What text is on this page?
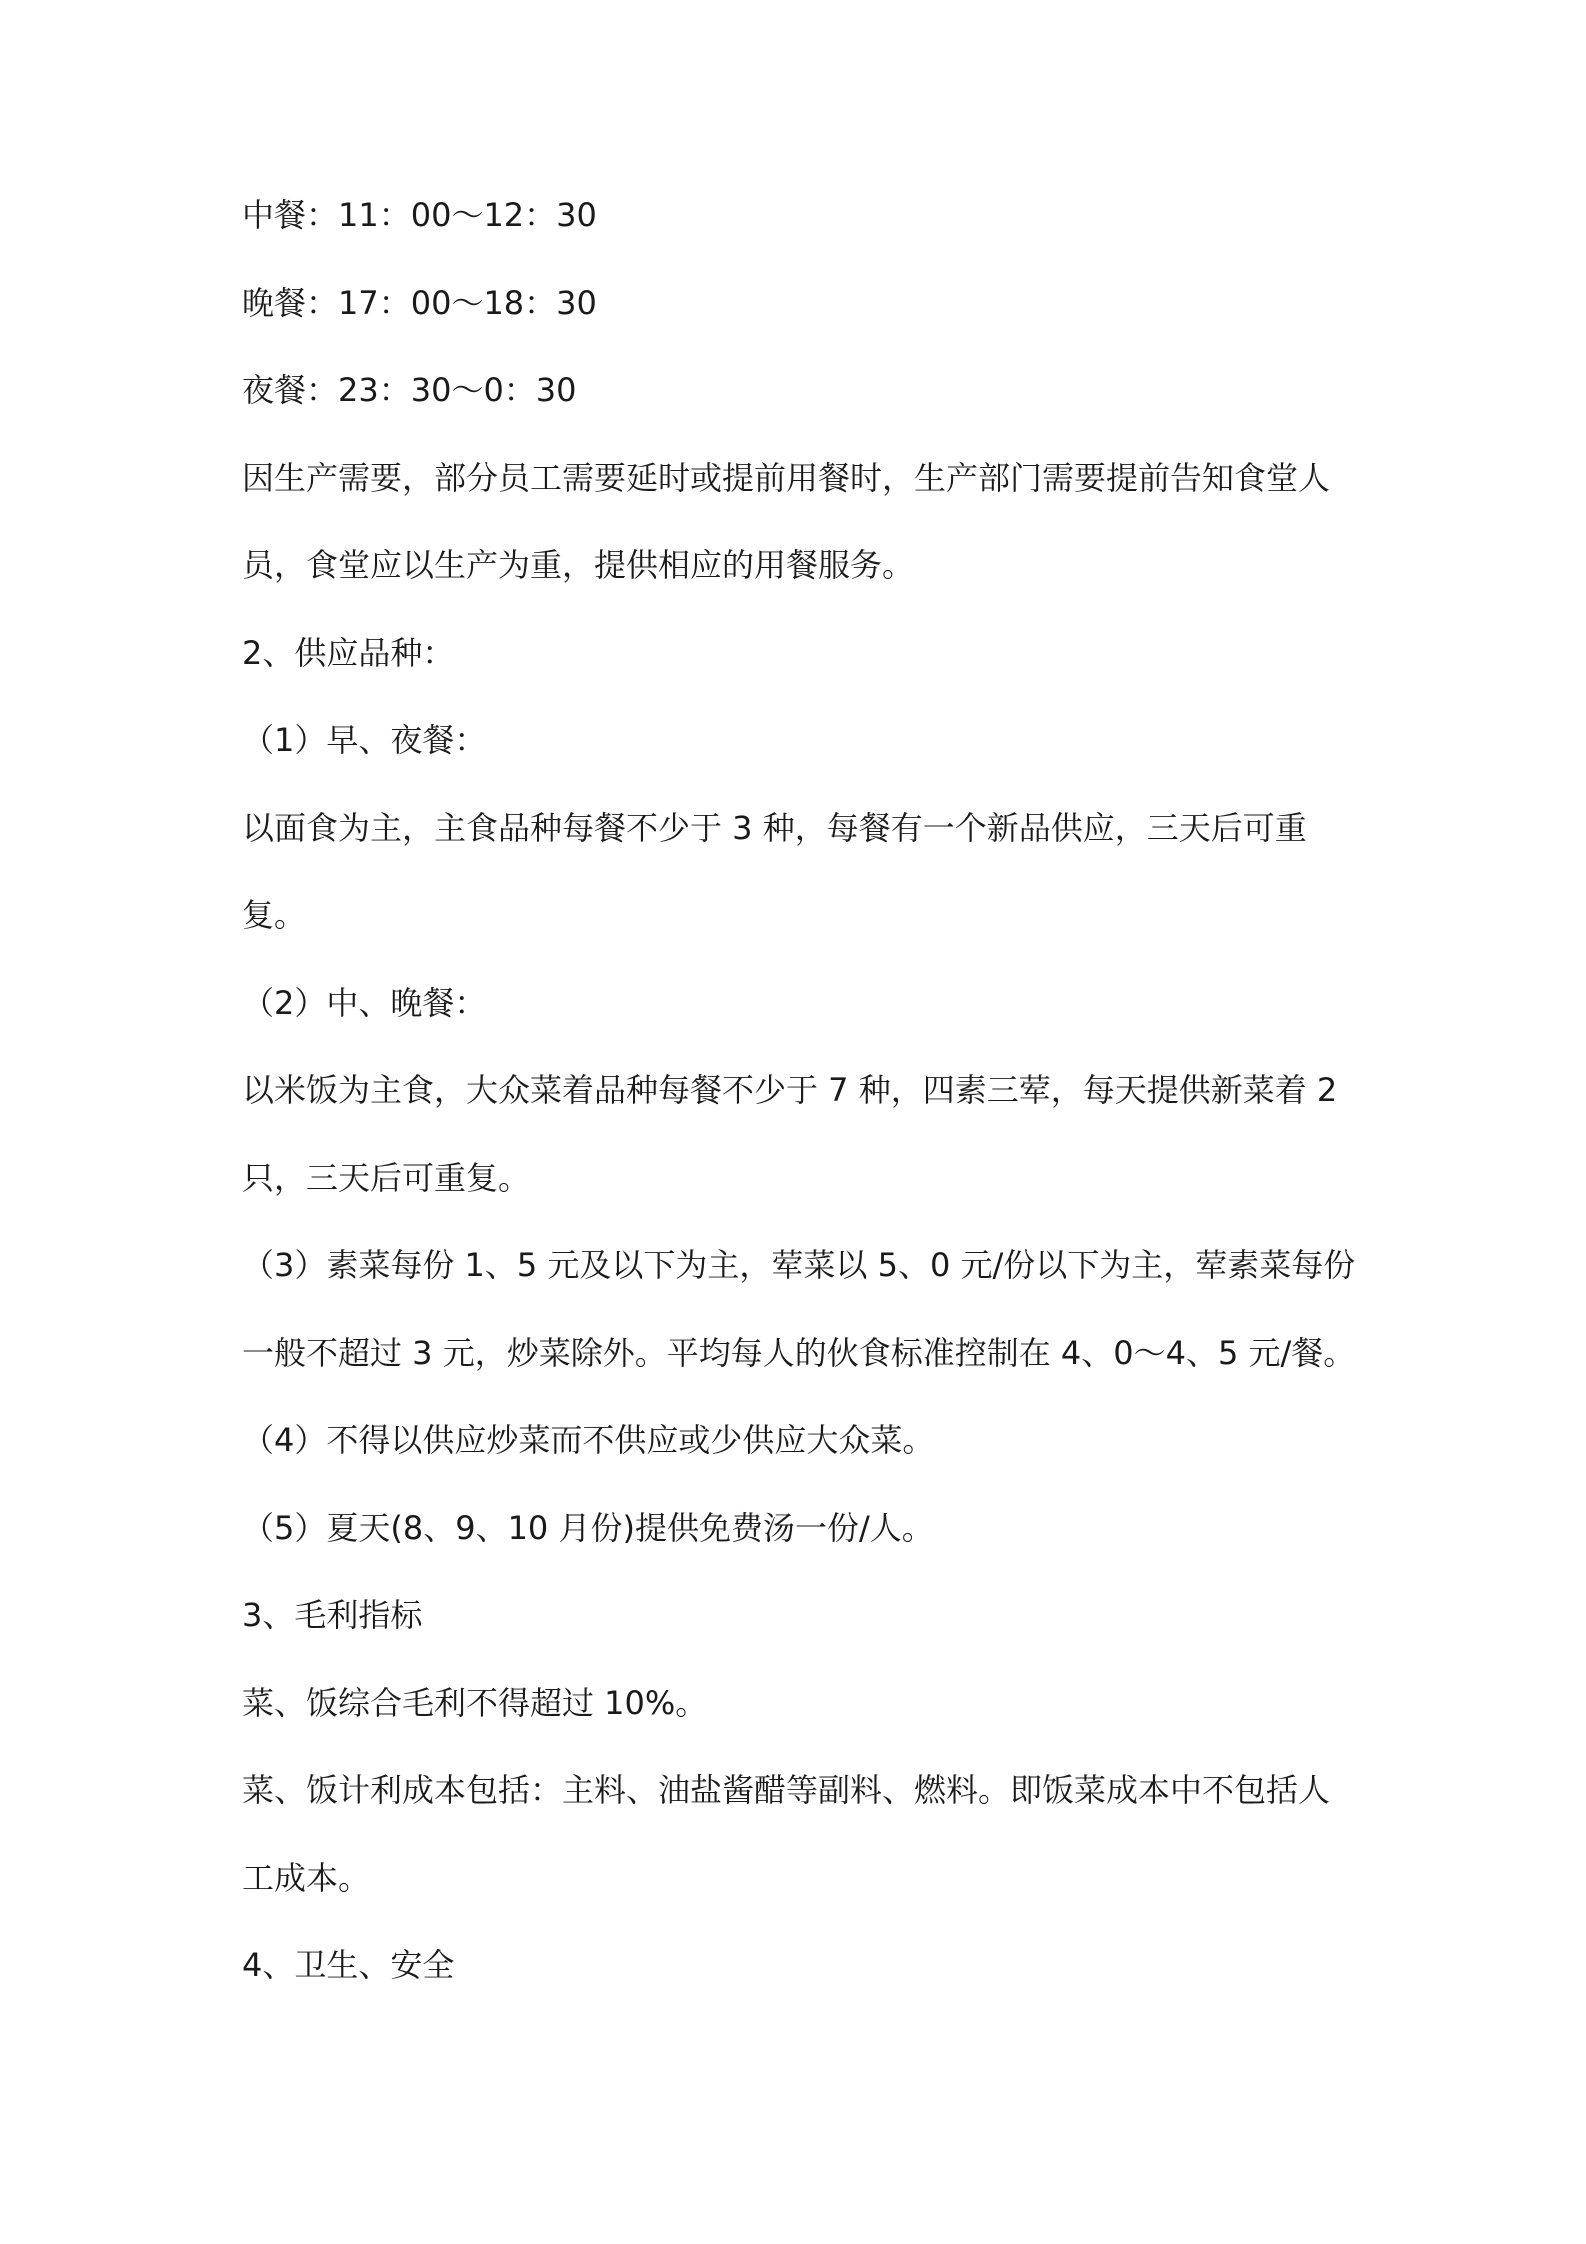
中餐：11：00～12：30
晚餐：17：00～18：30
夜餐：23：30～0：30
因生产需要，部分员工需要延时或提前用餐时，生产部门需要提前告知食堂人
员，食堂应以生产为重，提供相应的用餐服务。
2、供应品种：
（1）早、夜餐：
以面食为主，主食品种每餐不少于 3 种，每餐有一个新品供应，三天后可重
复。
（2）中、晚餐：
以米饭为主食，大众菜着品种每餐不少于 7 种，四素三荤，每天提供新菜着 2
只，三天后可重复。
（3）素菜每份 1、5 元及以下为主，荤菜以 5、0 元/份以下为主，荤素菜每份
一般不超过 3 元，炒菜除外。平均每人的伙食标准控制在 4、0～4、5 元/餐。
（4）不得以供应炒菜而不供应或少供应大众菜。
（5）夏天(8、9、10 月份)提供免费汤一份/人。
3、毛利指标
菜、饭综合毛利不得超过 10%。
菜、饭计利成本包括：主料、油盐酱醋等副料、燃料。即饭菜成本中不包括人
工成本。
4、卫生、安全
